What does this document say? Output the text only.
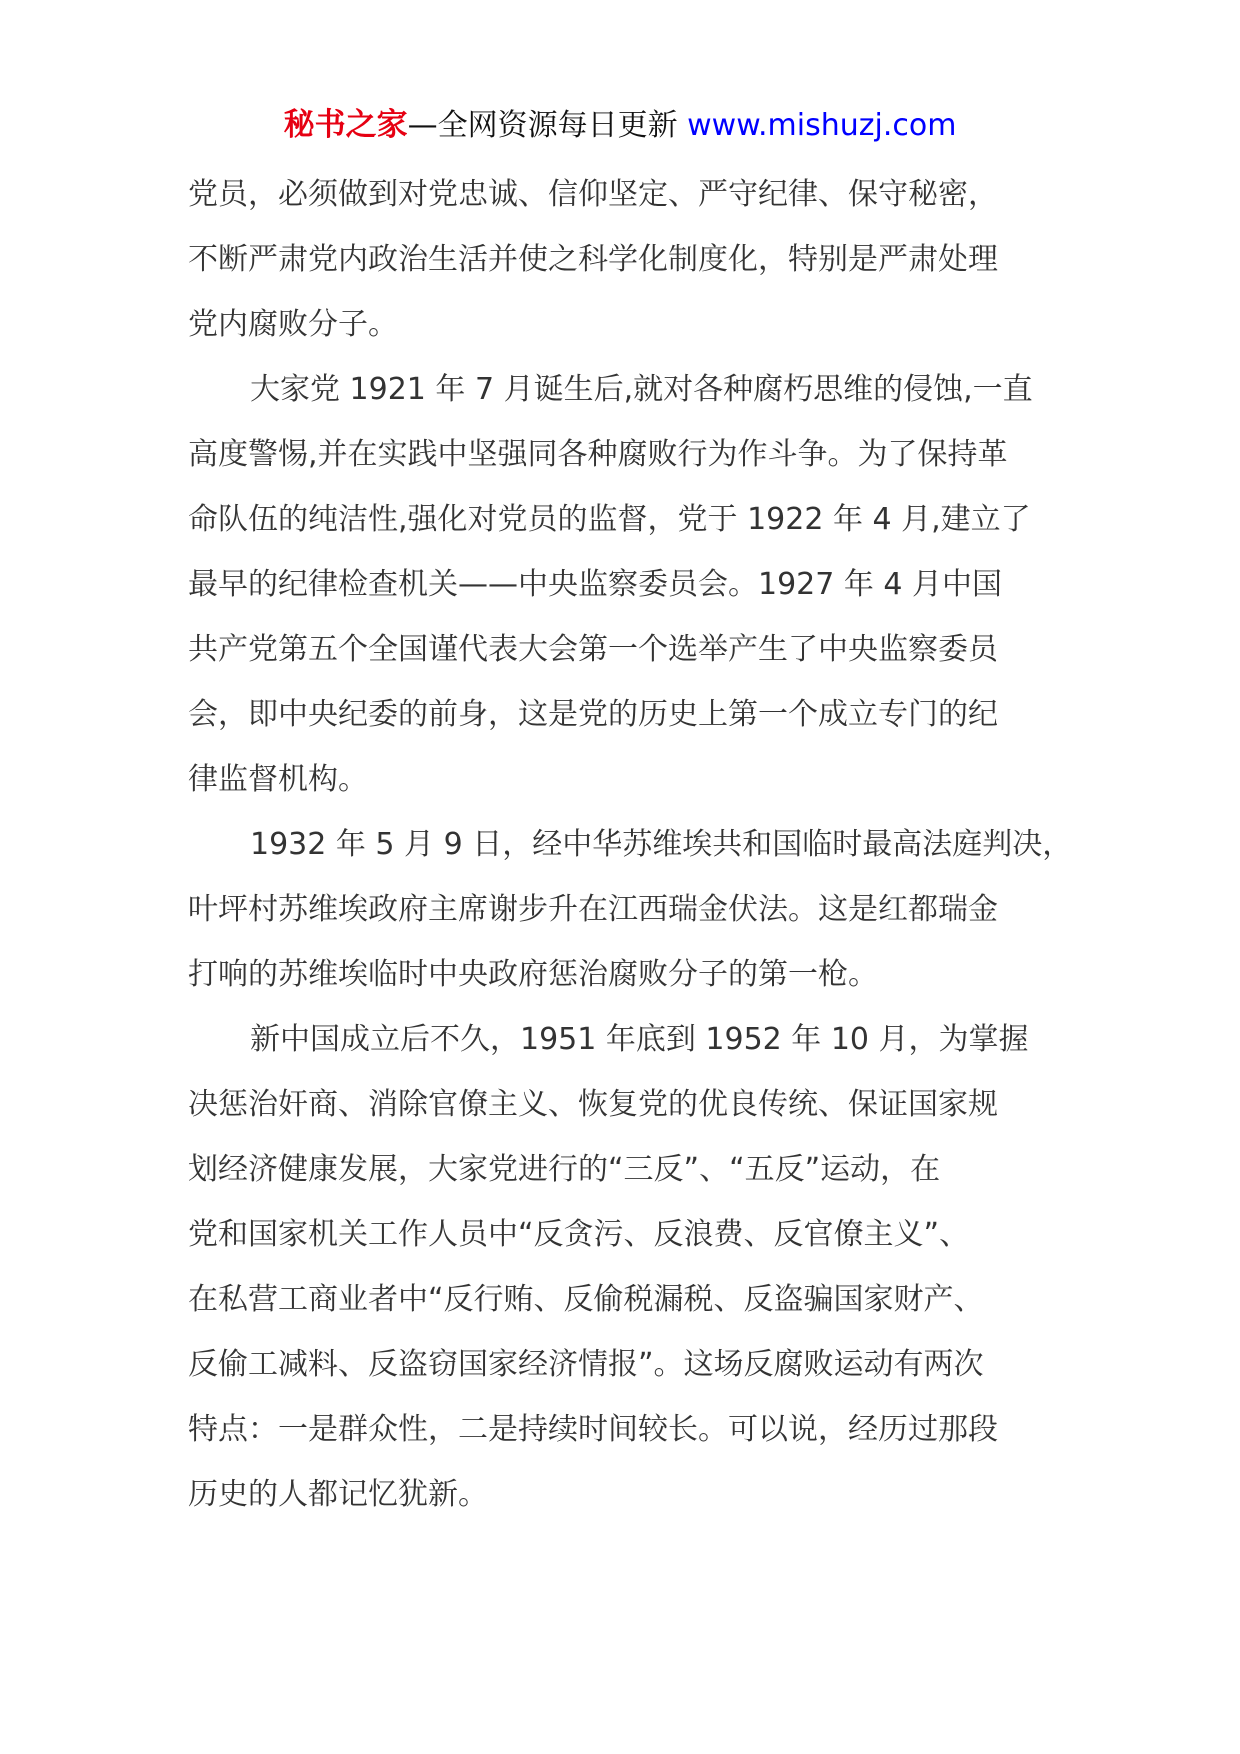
秘书之家—全网资源每日更新 www.mishuzj.com

党员，必须做到对党忠诚、信仰坚定、严守纪律、保守秘密，
不断严肃党内政治生活并使之科学化制度化，特别是严肃处理
党内腐败分子。

大家党 1921 年 7 月诞生后,就对各种腐朽思维的侵蚀,一直
高度警惕,并在实践中坚强同各种腐败行为作斗争。为了保持革
命队伍的纯洁性,强化对党员的监督，党于 1922 年 4 月,建立了
最早的纪律检查机关——中央监察委员会。1927 年 4 月中国
共产党第五个全国谨代表大会第一个选举产生了中央监察委员
会，即中央纪委的前身，这是党的历史上第一个成立专门的纪
律监督机构。

1932 年 5 月 9 日，经中华苏维埃共和国临时最高法庭判决，
叶坪村苏维埃政府主席谢步升在江西瑞金伏法。这是红都瑞金
打响的苏维埃临时中央政府惩治腐败分子的第一枪。

新中国成立后不久，1951 年底到 1952 年 10 月，为掌握
决惩治奸商、消除官僚主义、恢复党的优良传统、保证国家规
划经济健康发展，大家党进行的“三反”、“五反”运动，在
党和国家机关工作人员中“反贪污、反浪费、反官僚主义”、
在私营工商业者中“反行贿、反偷税漏税、反盗骗国家财产、
反偷工减料、反盗窃国家经济情报”。这场反腐败运动有两次
特点：一是群众性，二是持续时间较长。可以说，经历过那段
历史的人都记忆犹新。
